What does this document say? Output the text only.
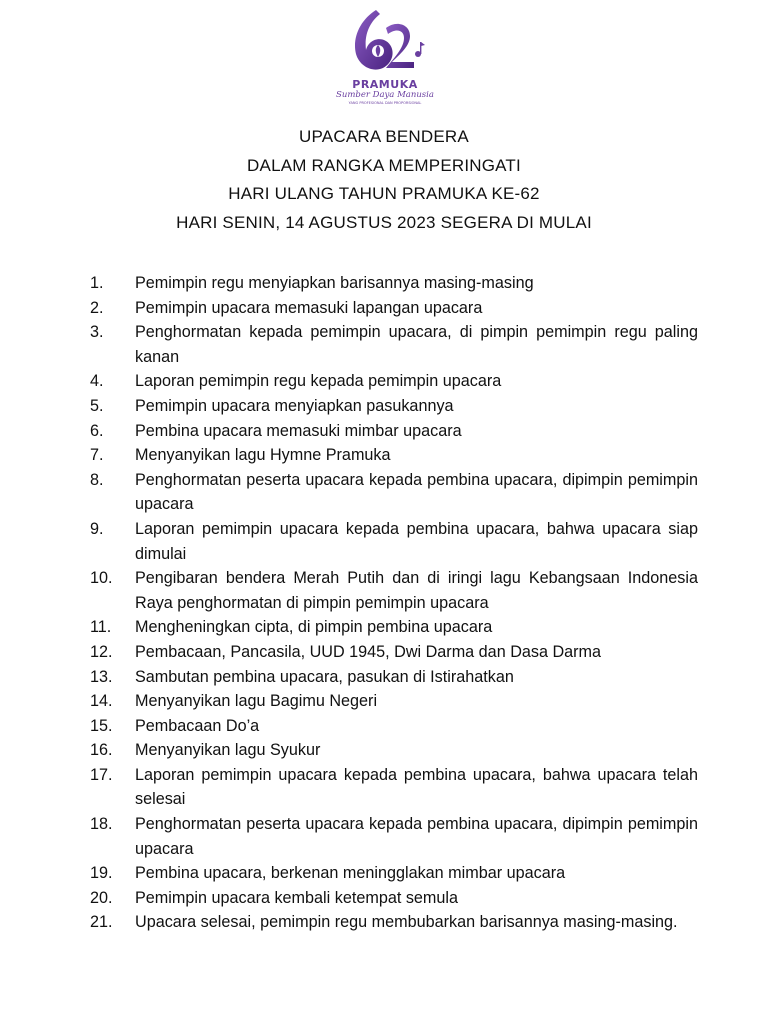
PRAMUKA
Sumber Daya Manusia
YANG PROFESIONAL DAN PROPORSIONAL
UPACARA BENDERA
DALAM RANGKA MEMPERINGATI
HARI ULANG TAHUN PRAMUKA KE-62
HARI SENIN, 14 AGUSTUS 2023 SEGERA DI MULAI
1.	Pemimpin regu menyiapkan barisannya masing-masing
2.	Pemimpin upacara memasuki lapangan upacara
3.	Penghormatan kepada pemimpin upacara, di pimpin pemimpin regu paling kanan
4.	Laporan pemimpin regu kepada pemimpin upacara
5.	Pemimpin upacara menyiapkan pasukannya
6.	Pembina upacara memasuki mimbar upacara
7.	Menyanyikan lagu Hymne Pramuka
8.	Penghormatan peserta upacara kepada pembina upacara, dipimpin pemimpin upacara
9.	Laporan pemimpin upacara kepada pembina upacara, bahwa upacara siap dimulai
10.	Pengibaran bendera Merah Putih dan di iringi lagu Kebangsaan Indonesia Raya penghormatan di pimpin pemimpin upacara
11.	Mengheningkan cipta, di pimpin pembina upacara
12.	Pembacaan, Pancasila, UUD 1945, Dwi Darma dan Dasa Darma
13.	Sambutan pembina upacara, pasukan di Istirahatkan
14.	Menyanyikan lagu Bagimu Negeri
15.	Pembacaan Do’a
16.	Menyanyikan lagu Syukur
17.	Laporan pemimpin upacara kepada pembina upacara, bahwa upacara telah selesai
18.	Penghormatan peserta upacara kepada pembina upacara, dipimpin pemimpin upacara
19.	Pembina upacara, berkenan meningglakan mimbar upacara
20.	Pemimpin upacara kembali ketempat semula
21.	Upacara selesai, pemimpin regu membubarkan barisannya masing-masing.
